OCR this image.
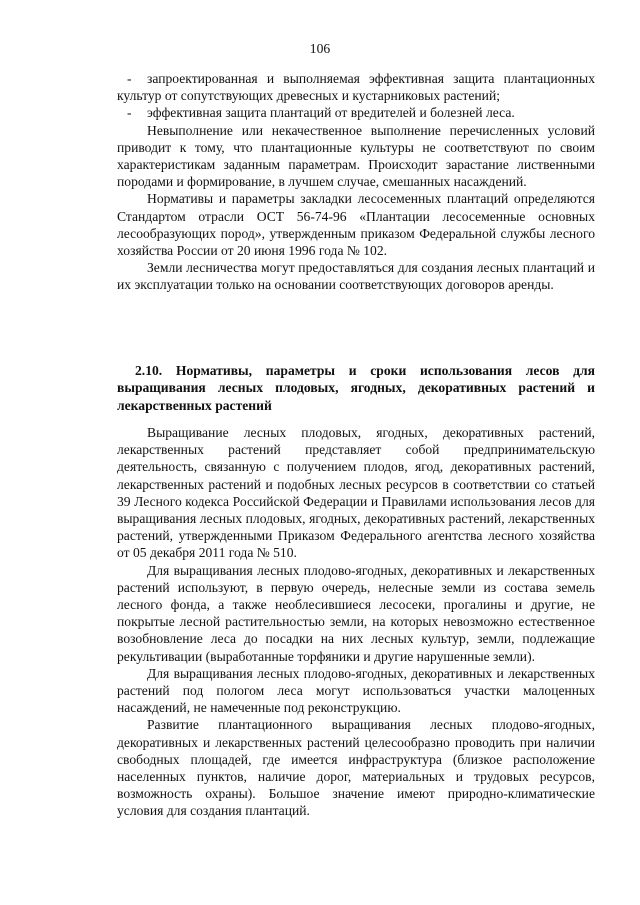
106

- запроектированная и выполняемая эффективная защита плантационных культур от сопутствующих древесных и кустарниковых растений;

- эффективная защита плантаций от вредителей и болезней леса.

Невыполнение или некачественное выполнение перечисленных условий приводит к тому, что плантационные культуры не соответствуют по своим характеристикам заданным параметрам. Происходит зарастание лиственными породами и формирование, в лучшем случае, смешанных насаждений.

Нормативы и параметры закладки лесосеменных плантаций определяются Стандартом отрасли ОСТ 56-74-96 «Плантации лесосеменные основных лесообразующих пород», утвержденным приказом Федеральной службы лесного хозяйства России от 20 июня 1996 года № 102.

Земли лесничества могут предоставляться для создания лесных плантаций и их эксплуатации только на основании соответствующих договоров аренды.

2.10. Нормативы, параметры и сроки использования лесов для выращивания лесных плодовых, ягодных, декоративных растений и лекарственных растений

Выращивание лесных плодовых, ягодных, декоративных растений, лекарственных растений представляет собой предпринимательскую деятельность, связанную с получением плодов, ягод, декоративных растений, лекарственных растений и подобных лесных ресурсов в соответствии со статьей 39 Лесного кодекса Российской Федерации и Правилами использования лесов для выращивания лесных плодовых, ягодных, декоративных растений, лекарственных растений, утвержденными Приказом Федерального агентства лесного хозяйства от 05 декабря 2011 года № 510.

Для выращивания лесных плодово-ягодных, декоративных и лекарственных растений используют, в первую очередь, нелесные земли из состава земель лесного фонда, а также необлесившиеся лесосеки, прогалины и другие, не покрытые лесной растительностью земли, на которых невозможно естественное возобновление леса до посадки на них лесных культур, земли, подлежащие рекультивации (выработанные торфяники и другие нарушенные земли).

Для выращивания лесных плодово-ягодных, декоративных и лекарственных растений под пологом леса могут использоваться участки малоценных насаждений, не намеченные под реконструкцию.

Развитие плантационного выращивания лесных плодово-ягодных, декоративных и лекарственных растений целесообразно проводить при наличии свободных площадей, где имеется инфраструктура (близкое расположение населенных пунктов, наличие дорог, материальных и трудовых ресурсов, возможность охраны). Большое значение имеют природно-климатические условия для создания плантаций.
